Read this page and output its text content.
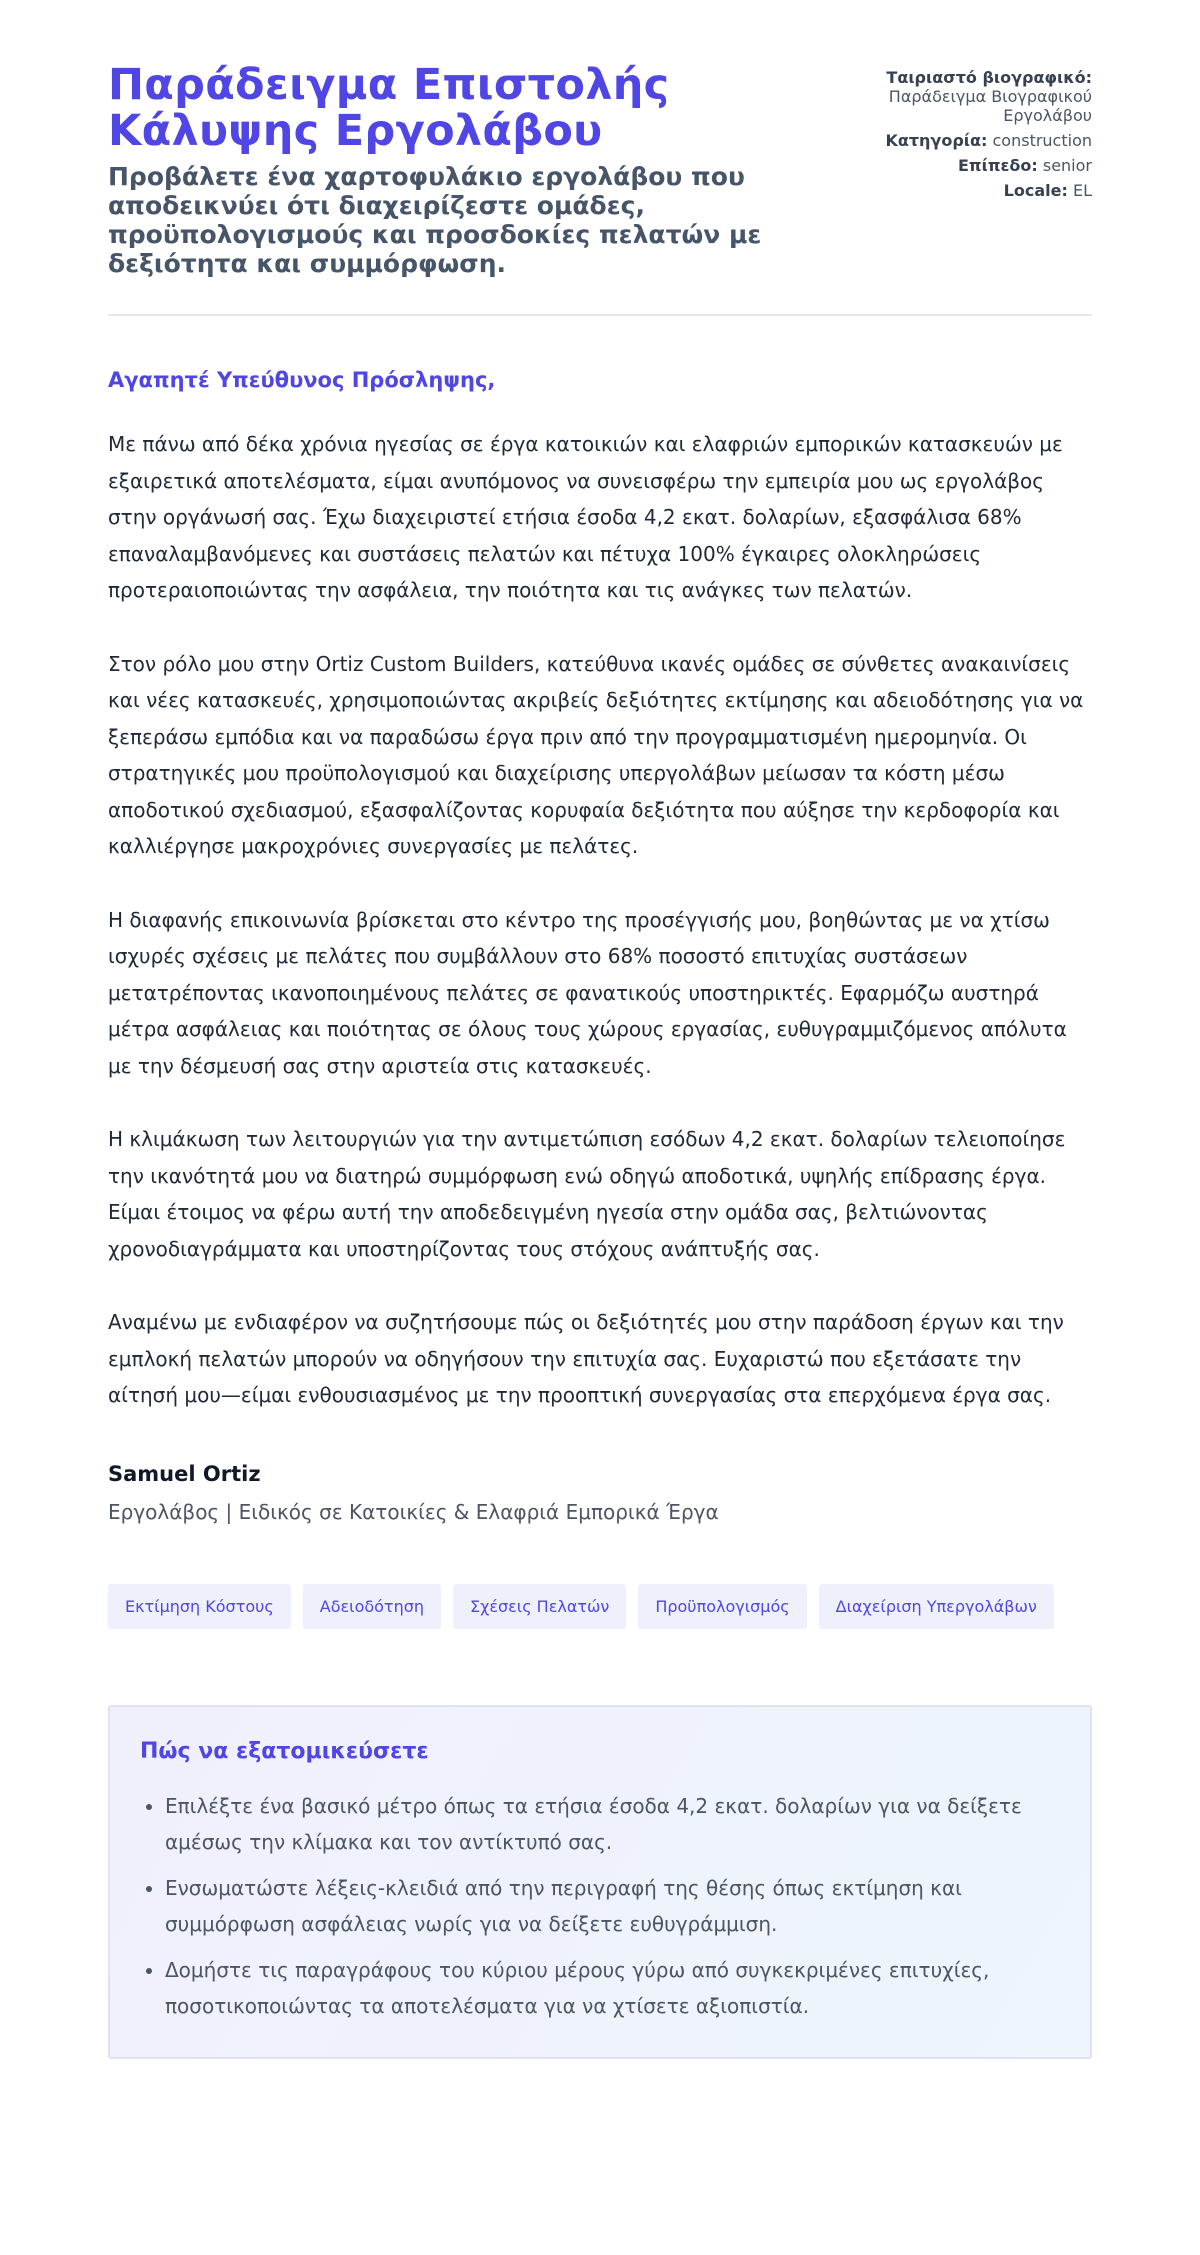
Παράδειγμα Επιστολής Κάλυψης Εργολάβου
Προβάλετε ένα χαρτοφυλάκιο εργολάβου που αποδεικνύει ότι διαχειρίζεστε ομάδες, προϋπολογισμούς και προσδοκίες πελατών με δεξιότητα και συμμόρφωση.
Ταιριαστό βιογραφικό: Παράδειγμα Βιογραφικού Εργολάβου
Κατηγορία: construction
Επίπεδο: senior
Locale: EL

Αγαπητέ Υπεύθυνος Πρόσληψης,

Με πάνω από δέκα χρόνια ηγεσίας σε έργα κατοικιών και ελαφριών εμπορικών κατασκευών με εξαιρετικά αποτελέσματα, είμαι ανυπόμονος να συνεισφέρω την εμπειρία μου ως εργολάβος στην οργάνωσή σας. Έχω διαχειριστεί ετήσια έσοδα 4,2 εκατ. δολαρίων, εξασφάλισα 68% επαναλαμβανόμενες και συστάσεις πελατών και πέτυχα 100% έγκαιρες ολοκληρώσεις προτεραιοποιώντας την ασφάλεια, την ποιότητα και τις ανάγκες των πελατών.

Στον ρόλο μου στην Ortiz Custom Builders, κατεύθυνα ικανές ομάδες σε σύνθετες ανακαινίσεις και νέες κατασκευές, χρησιμοποιώντας ακριβείς δεξιότητες εκτίμησης και αδειοδότησης για να ξεπεράσω εμπόδια και να παραδώσω έργα πριν από την προγραμματισμένη ημερομηνία. Οι στρατηγικές μου προϋπολογισμού και διαχείρισης υπεργολάβων μείωσαν τα κόστη μέσω αποδοτικού σχεδιασμού, εξασφαλίζοντας κορυφαία δεξιότητα που αύξησε την κερδοφορία και καλλιέργησε μακροχρόνιες συνεργασίες με πελάτες.

Η διαφανής επικοινωνία βρίσκεται στο κέντρο της προσέγγισής μου, βοηθώντας με να χτίσω ισχυρές σχέσεις με πελάτες που συμβάλλουν στο 68% ποσοστό επιτυχίας συστάσεων μετατρέποντας ικανοποιημένους πελάτες σε φανατικούς υποστηρικτές. Εφαρμόζω αυστηρά μέτρα ασφάλειας και ποιότητας σε όλους τους χώρους εργασίας, ευθυγραμμιζόμενος απόλυτα με την δέσμευσή σας στην αριστεία στις κατασκευές.

Η κλιμάκωση των λειτουργιών για την αντιμετώπιση εσόδων 4,2 εκατ. δολαρίων τελειοποίησε την ικανότητά μου να διατηρώ συμμόρφωση ενώ οδηγώ αποδοτικά, υψηλής επίδρασης έργα. Είμαι έτοιμος να φέρω αυτή την αποδεδειγμένη ηγεσία στην ομάδα σας, βελτιώνοντας χρονοδιαγράμματα και υποστηρίζοντας τους στόχους ανάπτυξής σας.

Αναμένω με ενδιαφέρον να συζητήσουμε πώς οι δεξιότητές μου στην παράδοση έργων και την εμπλοκή πελατών μπορούν να οδηγήσουν την επιτυχία σας. Ευχαριστώ που εξετάσατε την αίτησή μου—είμαι ενθουσιασμένος με την προοπτική συνεργασίας στα επερχόμενα έργα σας.

Samuel Ortiz
Εργολάβος | Ειδικός σε Κατοικίες & Ελαφριά Εμπορικά Έργα
Εκτίμηση Κόστους	Αδειοδότηση	Σχέσεις Πελατών	Προϋπολογισμός	Διαχείριση Υπεργολάβων
Πώς να εξατομικεύσετε
• Επιλέξτε ένα βασικό μέτρο όπως τα ετήσια έσοδα 4,2 εκατ. δολαρίων για να δείξετε αμέσως την κλίμακα και τον αντίκτυπό σας.
• Ενσωματώστε λέξεις-κλειδιά από την περιγραφή της θέσης όπως εκτίμηση και συμμόρφωση ασφάλειας νωρίς για να δείξετε ευθυγράμμιση.
• Δομήστε τις παραγράφους του κύριου μέρους γύρω από συγκεκριμένες επιτυχίες, ποσοτικοποιώντας τα αποτελέσματα για να χτίσετε αξιοπιστία.
